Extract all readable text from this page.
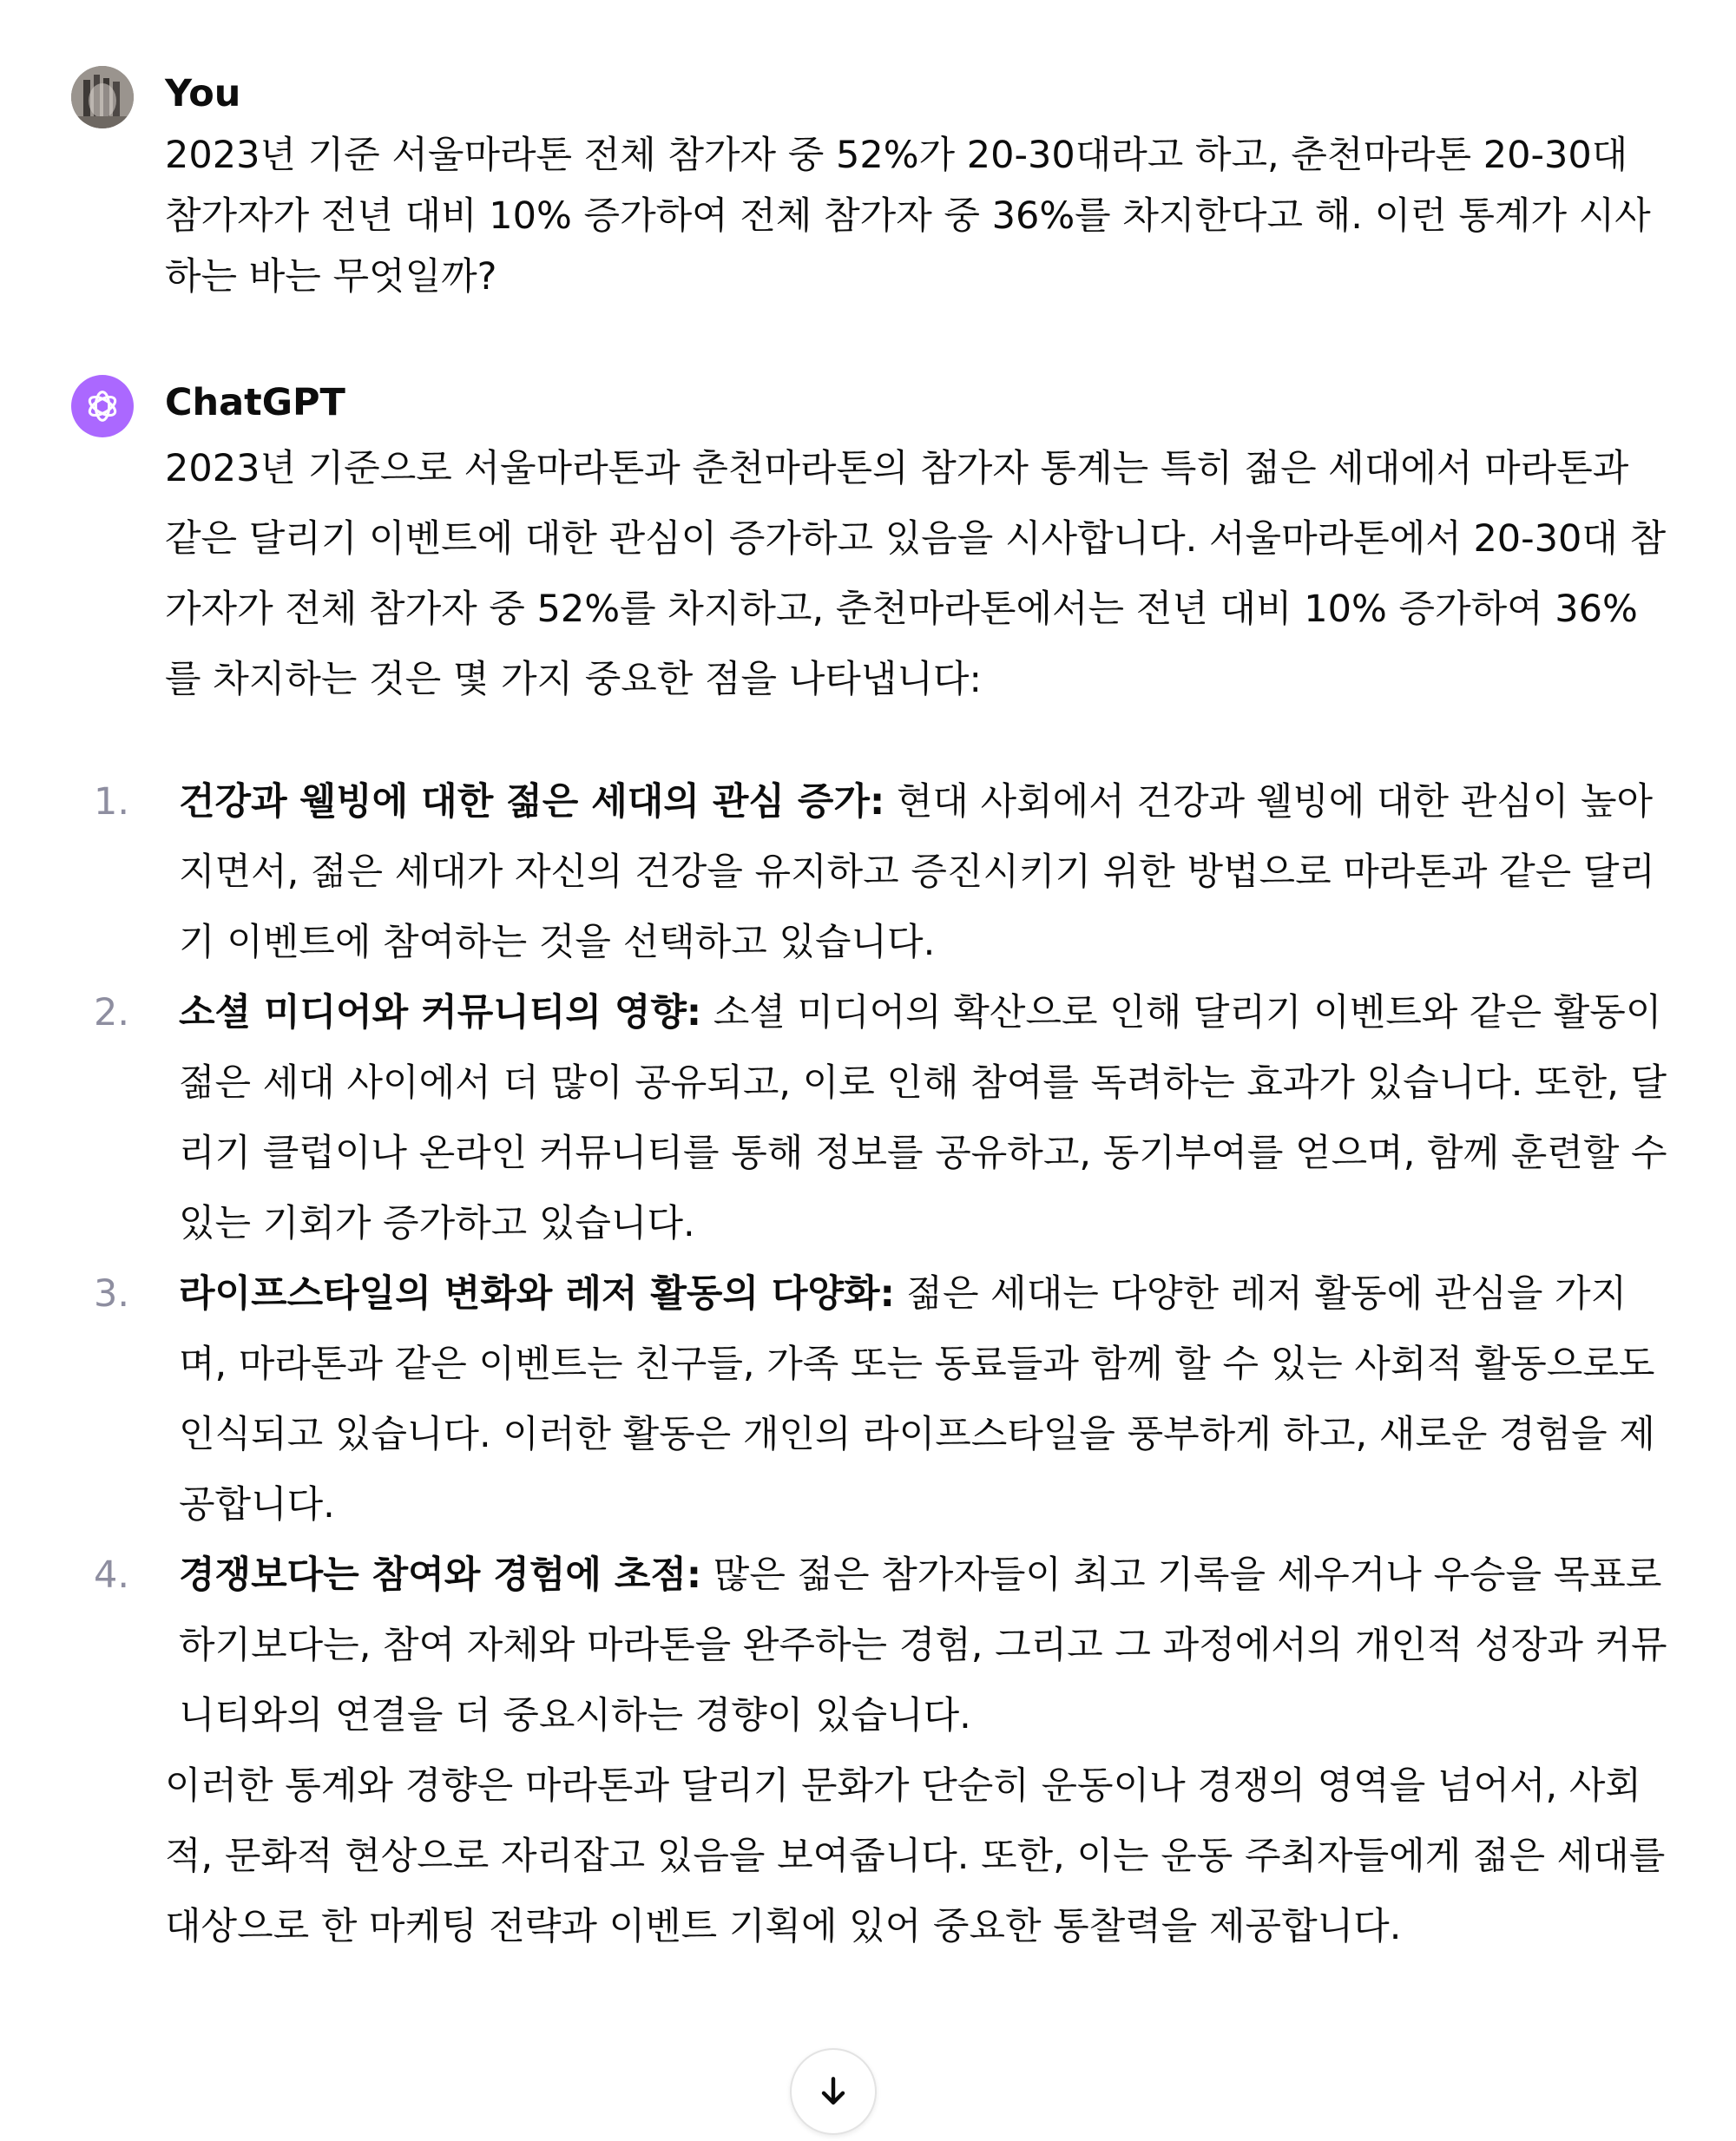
You

2023년 기준 서울마라톤 전체 참가자 중 52%가 20-30대라고 하고, 춘천마라톤 20-30대 참가자가 전년 대비 10% 증가하여 전체 참가자 중 36%를 차지한다고 해. 이런 통계가 시사하는 바는 무엇일까?

ChatGPT

2023년 기준으로 서울마라톤과 춘천마라톤의 참가자 통계는 특히 젊은 세대에서 마라톤과 같은 달리기 이벤트에 대한 관심이 증가하고 있음을 시사합니다. 서울마라톤에서 20-30대 참가자가 전체 참가자 중 52%를 차지하고, 춘천마라톤에서는 전년 대비 10% 증가하여 36%를 차지하는 것은 몇 가지 중요한 점을 나타냅니다:

1.	건강과 웰빙에 대한 젊은 세대의 관심 증가: 현대 사회에서 건강과 웰빙에 대한 관심이 높아지면서, 젊은 세대가 자신의 건강을 유지하고 증진시키기 위한 방법으로 마라톤과 같은 달리기 이벤트에 참여하는 것을 선택하고 있습니다.
2.	소셜 미디어와 커뮤니티의 영향: 소셜 미디어의 확산으로 인해 달리기 이벤트와 같은 활동이 젊은 세대 사이에서 더 많이 공유되고, 이로 인해 참여를 독려하는 효과가 있습니다. 또한, 달리기 클럽이나 온라인 커뮤니티를 통해 정보를 공유하고, 동기부여를 얻으며, 함께 훈련할 수 있는 기회가 증가하고 있습니다.
3.	라이프스타일의 변화와 레저 활동의 다양화: 젊은 세대는 다양한 레저 활동에 관심을 가지며, 마라톤과 같은 이벤트는 친구들, 가족 또는 동료들과 함께 할 수 있는 사회적 활동으로도 인식되고 있습니다. 이러한 활동은 개인의 라이프스타일을 풍부하게 하고, 새로운 경험을 제공합니다.
4.	경쟁보다는 참여와 경험에 초점: 많은 젊은 참가자들이 최고 기록을 세우거나 우승을 목표로 하기보다는, 참여 자체와 마라톤을 완주하는 경험, 그리고 그 과정에서의 개인적 성장과 커뮤니티와의 연결을 더 중요시하는 경향이 있습니다.

이러한 통계와 경향은 마라톤과 달리기 문화가 단순히 운동이나 경쟁의 영역을 넘어서, 사회적, 문화적 현상으로 자리잡고 있음을 보여줍니다. 또한, 이는 운동 주최자들에게 젊은 세대를 대상으로 한 마케팅 전략과 이벤트 기획에 있어 중요한 통찰력을 제공합니다.
